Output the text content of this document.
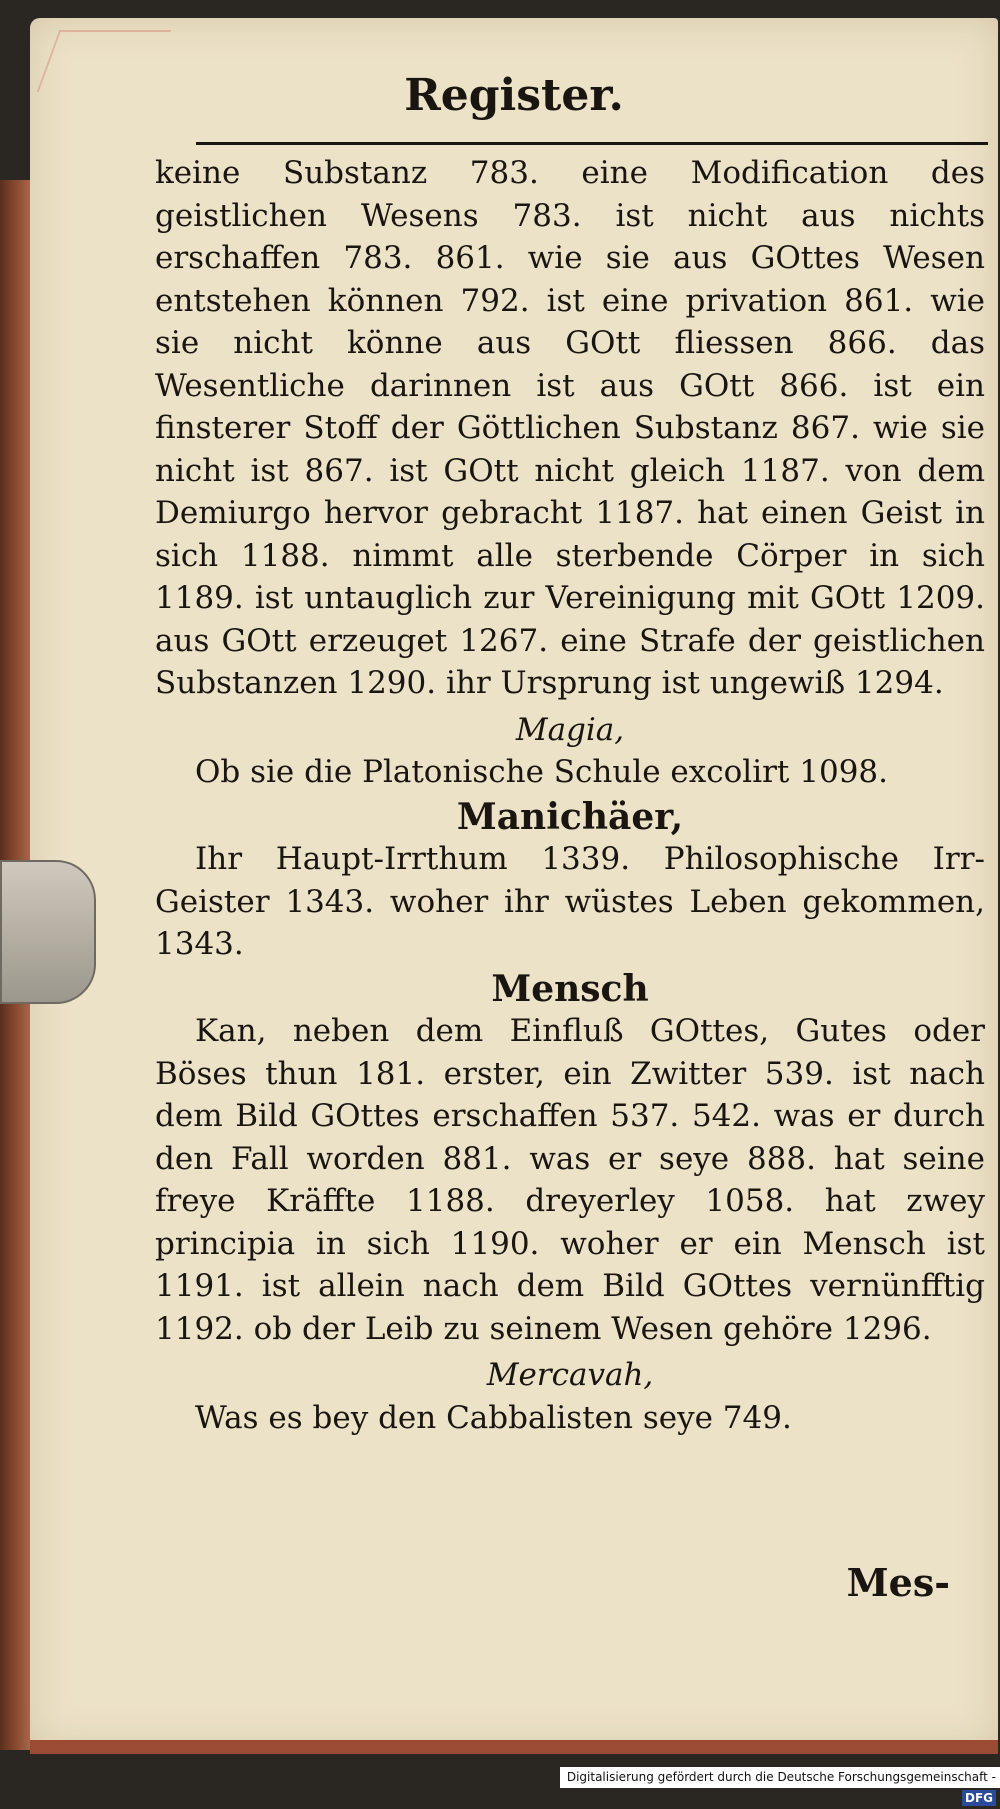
Register.

keine Substanz 783. eine Modification des geistlichen Wesens 783. ist nicht aus nichts erschaffen 783. 861. wie sie aus GOttes Wesen entstehen können 792. ist eine privation 861. wie sie nicht könne aus GOtt fliessen 866. das Wesentliche darinnen ist aus GOtt 866. ist ein finsterer Stoff der Göttlichen Substanz 867. wie sie nicht ist 867. ist GOtt nicht gleich 1187. von dem Demiurgo hervor gebracht 1187. hat einen Geist in sich 1188. nimmt alle sterbende Cörper in sich 1189. ist untauglich zur Vereinigung mit GOtt 1209. aus GOtt erzeuget 1267. eine Strafe der geistlichen Substanzen 1290. ihr Ursprung ist ungewiß 1294.

Magia,

Ob sie die Platonische Schule excolirt 1098.

Manichäer,

Ihr Haupt-Irrthum 1339. Philosophische Irr-Geister 1343. woher ihr wüstes Leben gekommen, 1343.

Mensch

Kan, neben dem Einfluß GOttes, Gutes oder Böses thun 181. erster, ein Zwitter 539. ist nach dem Bild GOttes erschaffen 537. 542. was er durch den Fall worden 881. was er seye 888. hat seine freye Kräffte 1188. dreyerley 1058. hat zwey principia in sich 1190. woher er ein Mensch ist 1191. ist allein nach dem Bild GOttes vernünfftig 1192. ob der Leib zu seinem Wesen gehöre 1296.

Mercavah,

Was es bey den Cabbalisten seye 749.

Mes-
Digitalisierung gefördert durch die Deutsche Forschungsgemeinschaft -DFG
